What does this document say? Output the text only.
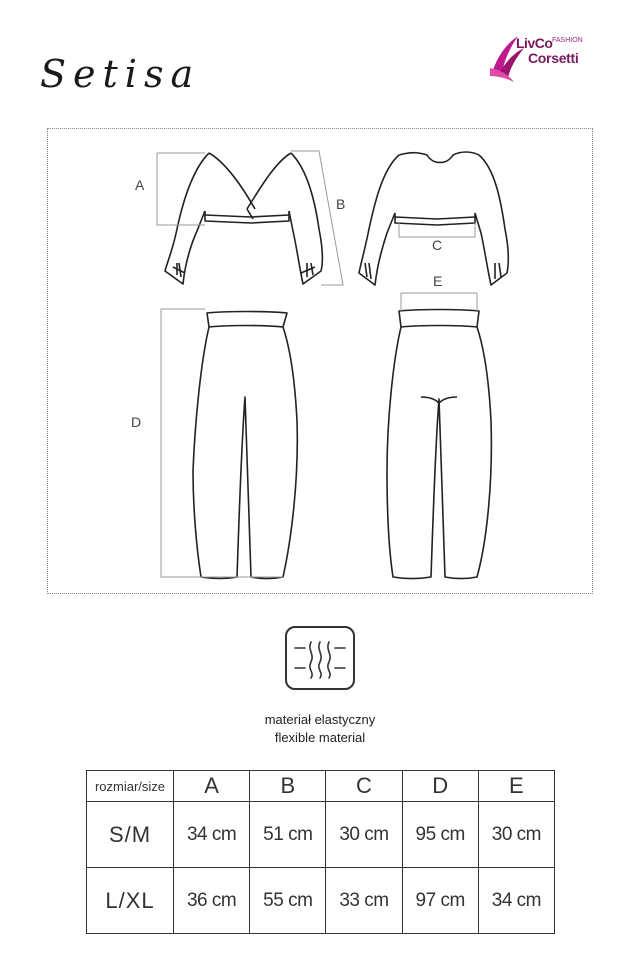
Setisa
LivCo FASHION
Corsetti
A
B
C
D
E
materiał elastyczny
flexible material
rozmiar/size	A	B	C	D	E
S/M	34 cm	51 cm	30 cm	95 cm	30 cm
L/XL	36 cm	55 cm	33 cm	97 cm	34 cm
